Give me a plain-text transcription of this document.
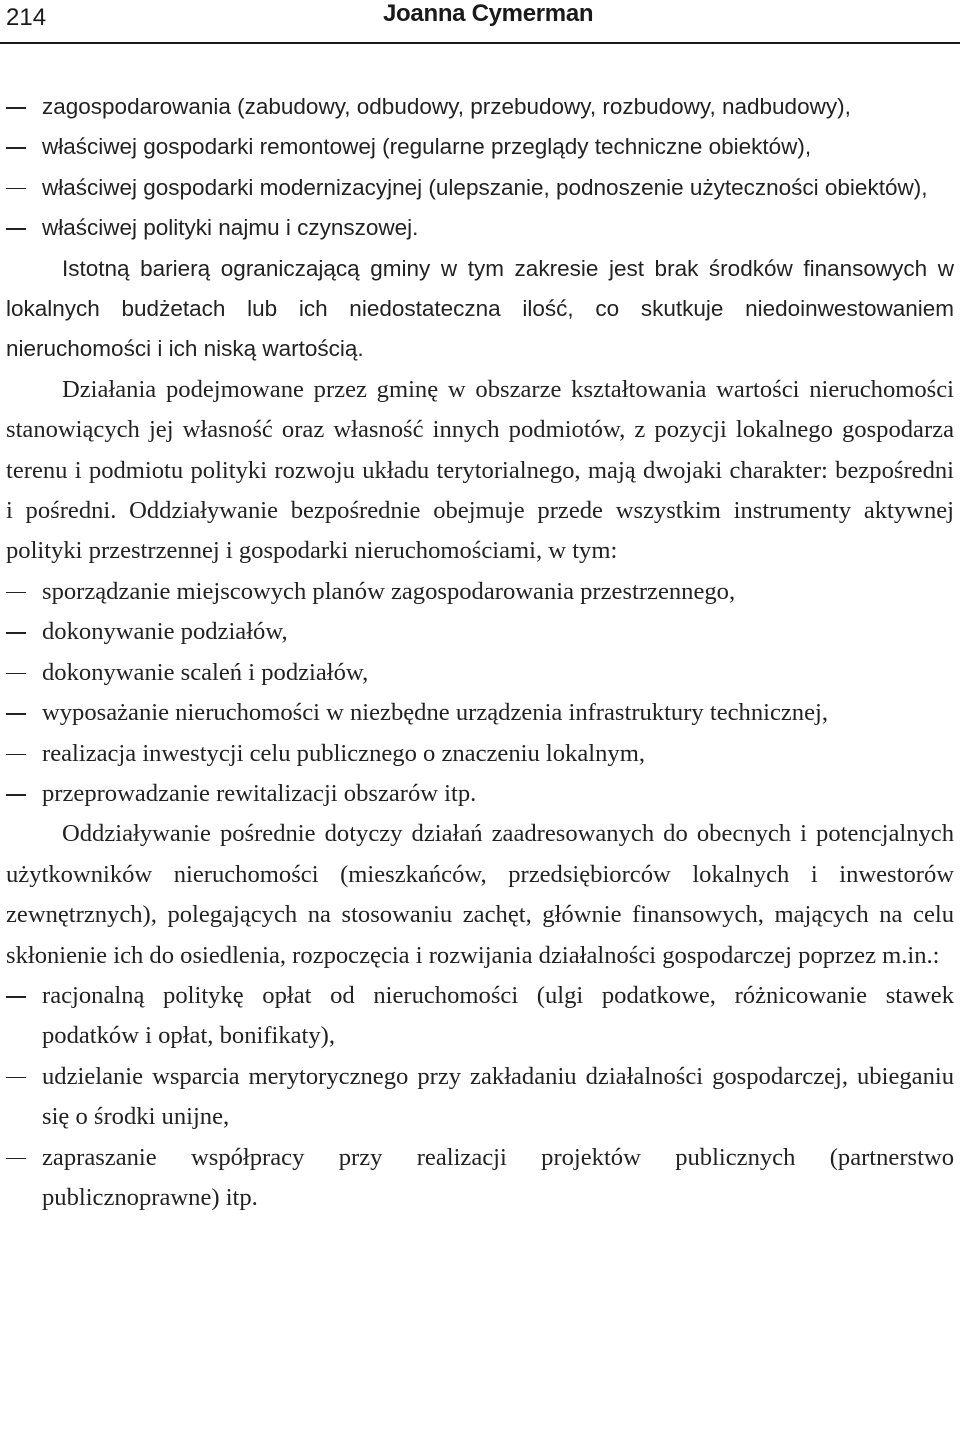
214	Joanna Cymerman
zagospodarowania (zabudowy, odbudowy, przebudowy, rozbudowy, nadbudowy),
właściwej gospodarki remontowej (regularne przeglądy techniczne obiektów),
właściwej gospodarki modernizacyjnej (ulepszanie, podnoszenie użyteczności obiektów),
właściwej polityki najmu i czynszowej.

Istotną barierą ograniczającą gminy w tym zakresie jest brak środków finansowych w lokalnych budżetach lub ich niedostateczna ilość, co skutkuje niedoinwestowaniem nieruchomości i ich niską wartością.

Działania podejmowane przez gminę w obszarze kształtowania wartości nieruchomości stanowiących jej własność oraz własność innych podmiotów, z pozycji lokalnego gospodarza terenu i podmiotu polityki rozwoju układu terytorialnego, mają dwojaki charakter: bezpośredni i pośredni. Oddziaływanie bezpośrednie obejmuje przede wszystkim instrumenty aktywnej polityki przestrzennej i gospodarki nieruchomościami, w tym:

sporządzanie miejscowych planów zagospodarowania przestrzennego,
dokonywanie podziałów,
dokonywanie scaleń i podziałów,
wyposażanie nieruchomości w niezbędne urządzenia infrastruktury technicznej,
realizacja inwestycji celu publicznego o znaczeniu lokalnym,
przeprowadzanie rewitalizacji obszarów itp.

Oddziaływanie pośrednie dotyczy działań zaadresowanych do obecnych i potencjalnych użytkowników nieruchomości (mieszkańców, przedsiębiorców lokalnych i inwestorów zewnętrznych), polegających na stosowaniu zachęt, głównie finansowych, mających na celu skłonienie ich do osiedlenia, rozpoczęcia i rozwijania działalności gospodarczej poprzez m.in.:

racjonalną politykę opłat od nieruchomości (ulgi podatkowe, różnicowanie stawek podatków i opłat, bonifikaty),
udzielanie wsparcia merytorycznego przy zakładaniu działalności gospodarczej, ubieganiu się o środki unijne,
zapraszanie współpracy przy realizacji projektów publicznych (partnerstwo publicznoprawne) itp.
